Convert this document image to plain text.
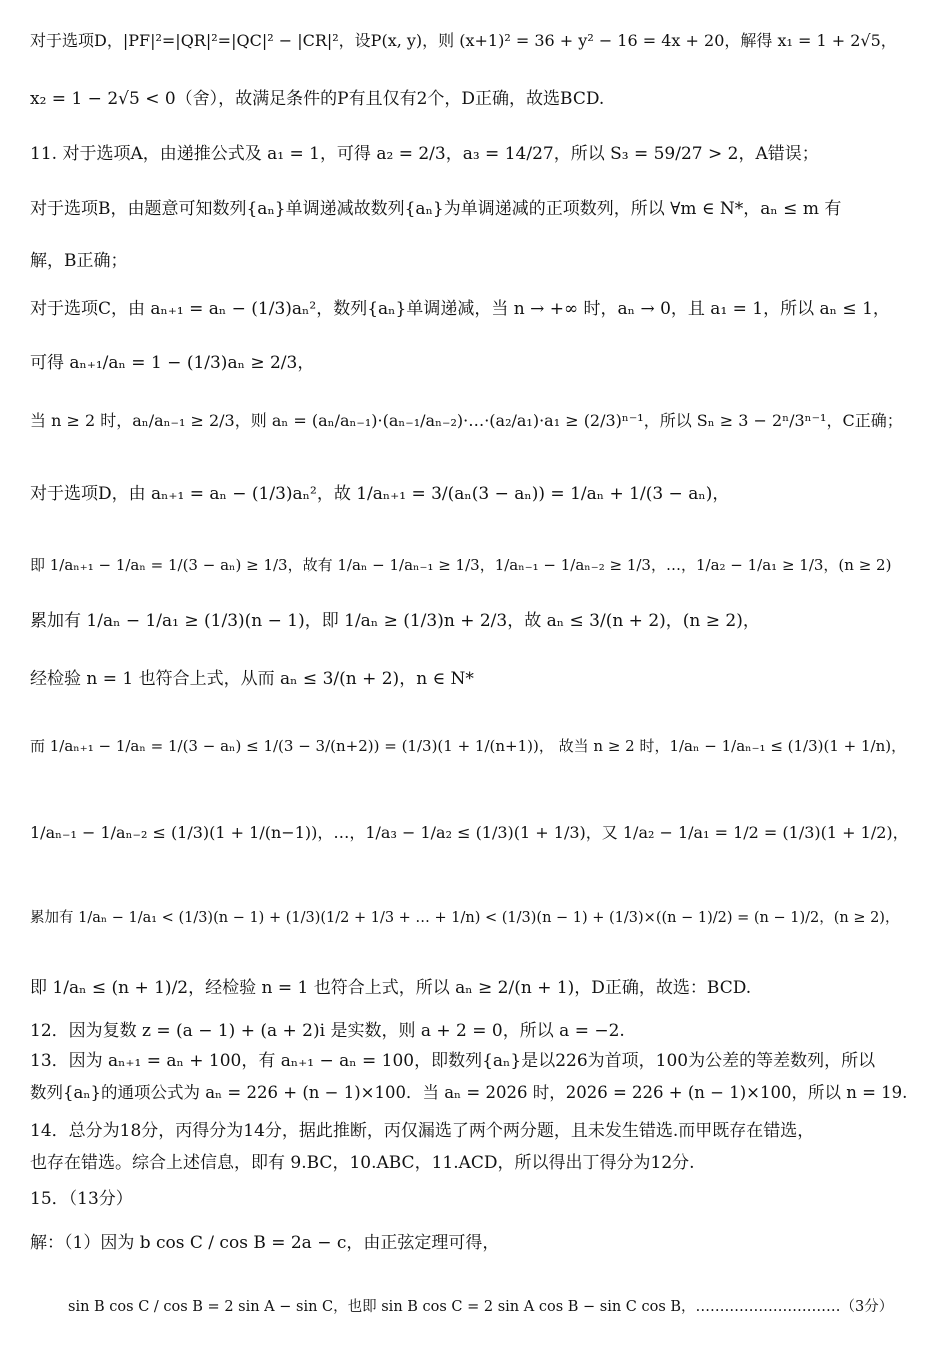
对于选项D，|PF|²=|QR|²=|QC|² − |CR|²，设P(x, y)，则 (x+1)² = 36 + y² − 16 = 4x + 20，解得 x₁ = 1 + 2√5，
x₂ = 1 − 2√5 < 0（舍），故满足条件的P有且仅有2个，D正确，故选BCD.
11. 对于选项A，由递推公式及 a₁ = 1，可得 a₂ = 2/3，a₃ = 14/27，所以 S₃ = 59/27 > 2，A错误；
对于选项B，由题意可知数列{aₙ}单调递减故数列{aₙ}为单调递减的正项数列，所以 ∀m ∈ N*，aₙ ≤ m 有
解，B正确；
对于选项C，由 aₙ₊₁ = aₙ − (1/3)aₙ²，数列{aₙ}单调递减，当 n → +∞ 时，aₙ → 0，且 a₁ = 1，所以 aₙ ≤ 1，
可得 aₙ₊₁/aₙ = 1 − (1/3)aₙ ≥ 2/3，
当 n ≥ 2 时，aₙ/aₙ₋₁ ≥ 2/3，则 aₙ = (aₙ/aₙ₋₁)·(aₙ₋₁/aₙ₋₂)·…·(a₂/a₁)·a₁ ≥ (2/3)ⁿ⁻¹，所以 Sₙ ≥ 3 − 2ⁿ/3ⁿ⁻¹，C正确；
对于选项D，由 aₙ₊₁ = aₙ − (1/3)aₙ²，故 1/aₙ₊₁ = 3/(aₙ(3 − aₙ)) = 1/aₙ + 1/(3 − aₙ)，
即 1/aₙ₊₁ − 1/aₙ = 1/(3 − aₙ) ≥ 1/3，故有 1/aₙ − 1/aₙ₋₁ ≥ 1/3，1/aₙ₋₁ − 1/aₙ₋₂ ≥ 1/3，…，1/a₂ − 1/a₁ ≥ 1/3，(n ≥ 2)
累加有 1/aₙ − 1/a₁ ≥ (1/3)(n − 1)，即 1/aₙ ≥ (1/3)n + 2/3，故 aₙ ≤ 3/(n + 2)，(n ≥ 2)，
经检验 n = 1 也符合上式，从而 aₙ ≤ 3/(n + 2)，n ∈ N*
而 1/aₙ₊₁ − 1/aₙ = 1/(3 − aₙ) ≤ 1/(3 − 3/(n+2)) = (1/3)(1 + 1/(n+1))， 故当 n ≥ 2 时，1/aₙ − 1/aₙ₋₁ ≤ (1/3)(1 + 1/n)，
1/aₙ₋₁ − 1/aₙ₋₂ ≤ (1/3)(1 + 1/(n−1))，…，1/a₃ − 1/a₂ ≤ (1/3)(1 + 1/3)，又 1/a₂ − 1/a₁ = 1/2 = (1/3)(1 + 1/2)，
累加有 1/aₙ − 1/a₁ < (1/3)(n − 1) + (1/3)(1/2 + 1/3 + … + 1/n) < (1/3)(n − 1) + (1/3)×((n − 1)/2) = (n − 1)/2，(n ≥ 2)，
即 1/aₙ ≤ (n + 1)/2，经检验 n = 1 也符合上式，所以 aₙ ≥ 2/(n + 1)，D正确，故选：BCD.
12．因为复数 z = (a − 1) + (a + 2)i 是实数，则 a + 2 = 0，所以 a = −2.
13．因为 aₙ₊₁ = aₙ + 100，有 aₙ₊₁ − aₙ = 100，即数列{aₙ}是以226为首项，100为公差的等差数列，所以
数列{aₙ}的通项公式为 aₙ = 226 + (n − 1)×100．当 aₙ = 2026 时，2026 = 226 + (n − 1)×100，所以 n = 19.
14．总分为18分，丙得分为14分，据此推断，丙仅漏选了两个两分题，且未发生错选.而甲既存在错选，
也存在错选。综合上述信息，即有 9.BC，10.ABC，11.ACD，所以得出丁得分为12分.
15．（13分）
解：（1）因为 b cos C / cos B = 2a − c，由正弦定理可得，
sin B cos C / cos B = 2 sin A − sin C，也即 sin B cos C = 2 sin A cos B − sin C cos B，…………………………（3分）
